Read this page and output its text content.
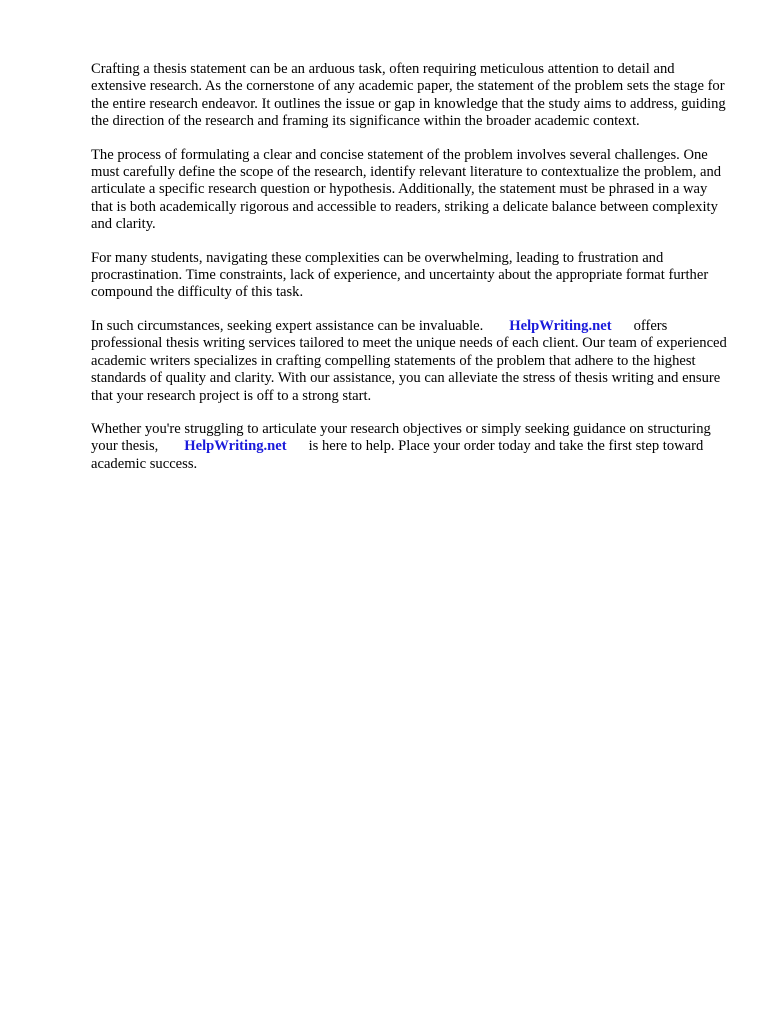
Crafting a thesis statement can be an arduous task, often requiring meticulous attention to detail and extensive research. As the cornerstone of any academic paper, the statement of the problem sets the stage for the entire research endeavor. It outlines the issue or gap in knowledge that the study aims to address, guiding the direction of the research and framing its significance within the broader academic context.

The process of formulating a clear and concise statement of the problem involves several challenges. One must carefully define the scope of the research, identify relevant literature to contextualize the problem, and articulate a specific research question or hypothesis. Additionally, the statement must be phrased in a way that is both academically rigorous and accessible to readers, striking a delicate balance between complexity and clarity.

For many students, navigating these complexities can be overwhelming, leading to frustration and procrastination. Time constraints, lack of experience, and uncertainty about the appropriate format further compound the difficulty of this task.

In such circumstances, seeking expert assistance can be invaluable. HelpWriting.net offers professional thesis writing services tailored to meet the unique needs of each client. Our team of experienced academic writers specializes in crafting compelling statements of the problem that adhere to the highest standards of quality and clarity. With our assistance, you can alleviate the stress of thesis writing and ensure that your research project is off to a strong start.

Whether you're struggling to articulate your research objectives or simply seeking guidance on structuring your thesis, HelpWriting.net is here to help. Place your order today and take the first step toward academic success.
